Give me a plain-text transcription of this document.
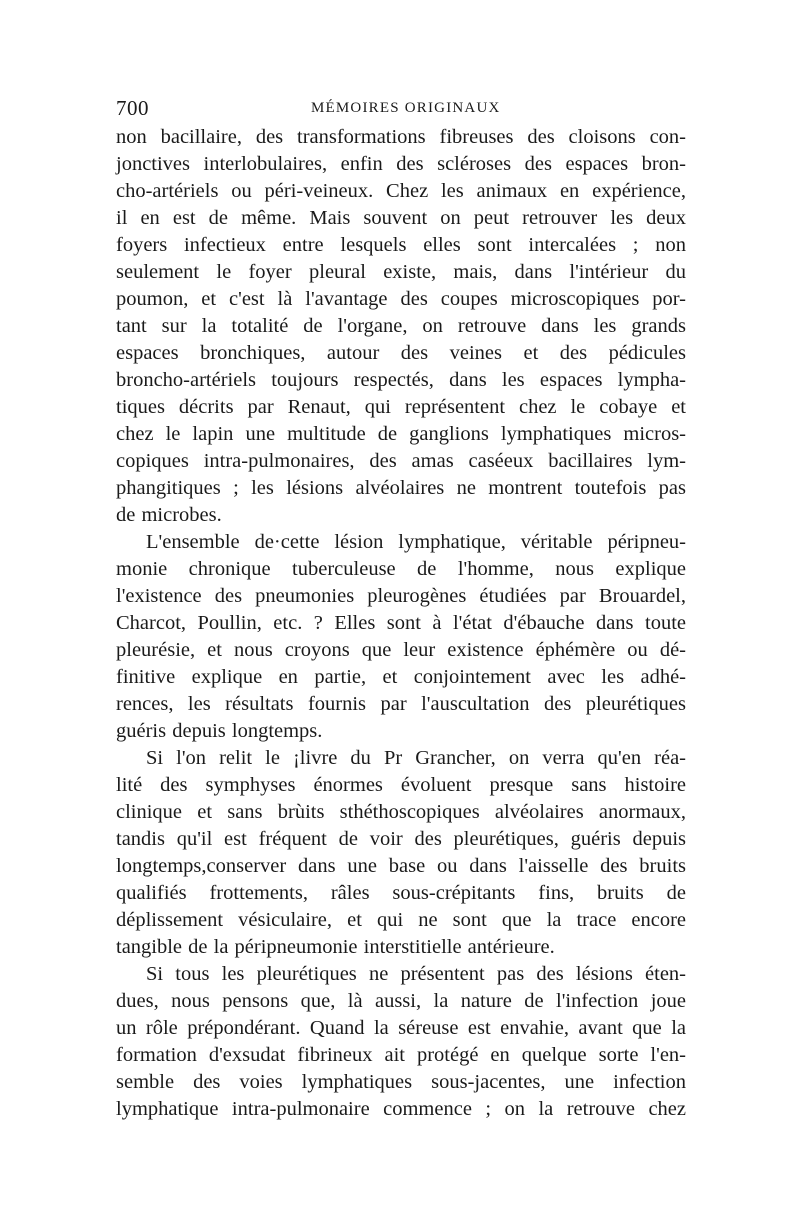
700	MÉMOIRES ORIGINAUX
non bacillaire, des transformations fibreuses des cloisons con-
jonctives interlobulaires, enfin des scléroses des espaces bron-
cho-artériels ou péri-veineux. Chez les animaux en expérience,
il en est de même. Mais souvent on peut retrouver les deux
foyers infectieux entre lesquels elles sont intercalées ; non
seulement le foyer pleural existe, mais, dans l'intérieur du
poumon, et c'est là l'avantage des coupes microscopiques por-
tant sur la totalité de l'organe, on retrouve dans les grands
espaces bronchiques, autour des veines et des pédicules
broncho-artériels toujours respectés, dans les espaces lympha-
tiques décrits par Renaut, qui représentent chez le cobaye et
chez le lapin une multitude de ganglions lymphatiques micros-
copiques intra-pulmonaires, des amas caséeux bacillaires lym-
phangitiques ; les lésions alvéolaires ne montrent toutefois pas
de microbes.
L'ensemble de·cette lésion lymphatique, véritable péripneu-
monie chronique tuberculeuse de l'homme, nous explique
l'existence des pneumonies pleurogènes étudiées par Brouardel,
Charcot, Poullin, etc. ? Elles sont à l'état d'ébauche dans toute
pleurésie, et nous croyons que leur existence éphémère ou dé-
finitive explique en partie, et conjointement avec les adhé-
rences, les résultats fournis par l'auscultation des pleurétiques
guéris depuis longtemps.
Si l'on relit le ¡livre du Pr Grancher, on verra qu'en réa-
lité des symphyses énormes évoluent presque sans histoire
clinique et sans brùits sthéthoscopiques alvéolaires anormaux,
tandis qu'il est fréquent de voir des pleurétiques, guéris depuis
longtemps,conserver dans une base ou dans l'aisselle des bruits
qualifiés frottements, râles sous-crépitants fins, bruits de
déplissement vésiculaire, et qui ne sont que la trace encore
tangible de la péripneumonie interstitielle antérieure.
Si tous les pleurétiques ne présentent pas des lésions éten-
dues, nous pensons que, là aussi, la nature de l'infection joue
un rôle prépondérant. Quand la séreuse est envahie, avant que la
formation d'exsudat fibrineux ait protégé en quelque sorte l'en-
semble des voies lymphatiques sous-jacentes, une infection
lymphatique intra-pulmonaire commence ; on la retrouve chez
